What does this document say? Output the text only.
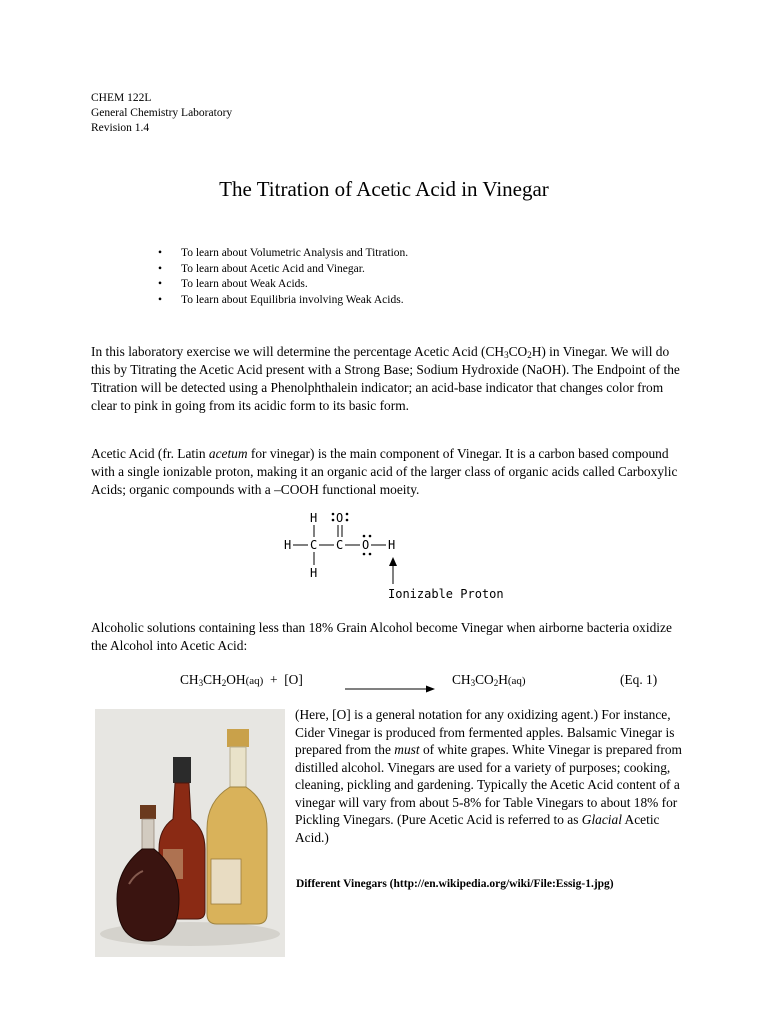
CHEM 122L
General Chemistry Laboratory
Revision 1.4
The Titration of Acetic Acid in Vinegar
• To learn about Volumetric Analysis and Titration.
• To learn about Acetic Acid and Vinegar.
• To learn about Weak Acids.
• To learn about Equilibria involving Weak Acids.

In this laboratory exercise we will determine the percentage Acetic Acid $(CH_3CO_2H)$ in Vinegar. We will do this by Titrating the Acetic Acid present with a Strong Base; Sodium Hydroxide (NaOH). The Endpoint of the Titration will be detected using a Phenolphthalein indicator; an acid-base indicator that changes color from clear to pink in going from its acidic form to its basic form.

Acetic Acid (fr. Latin acetum for vinegar) is the main component of Vinegar. It is a carbon based compound with a single ionizable proton, making it an organic acid of the larger class of organic acids called Carboxylic Acids; organic compounds with a –COOH functional moeity.

H O
H C C O H
H
Ionizable Proton

Alcoholic solutions containing less than 18% Grain Alcohol become Vinegar when airborne bacteria oxidize the Alcohol into Acetic Acid:

$CH_3CH_2OH(aq) + [O]$	$CH_3CO_2H(aq)$	(Eq. 1)

(Here, [O] is a general notation for any oxidizing agent.) For instance, Cider Vinegar is produced from fermented apples. Balsamic Vinegar is prepared from the must of white grapes. White Vinegar is prepared from distilled alcohol. Vinegars are used for a variety of purposes; cooking, cleaning, pickling and gardening. Typically the Acetic Acid content of a vinegar will vary from about 5-8% for Table Vinegars to about 18% for Pickling Vinegars. (Pure Acetic Acid is referred to as Glacial Acetic Acid.)

Different Vinegars (http://en.wikipedia.org/wiki/File:Essig-1.jpg)
